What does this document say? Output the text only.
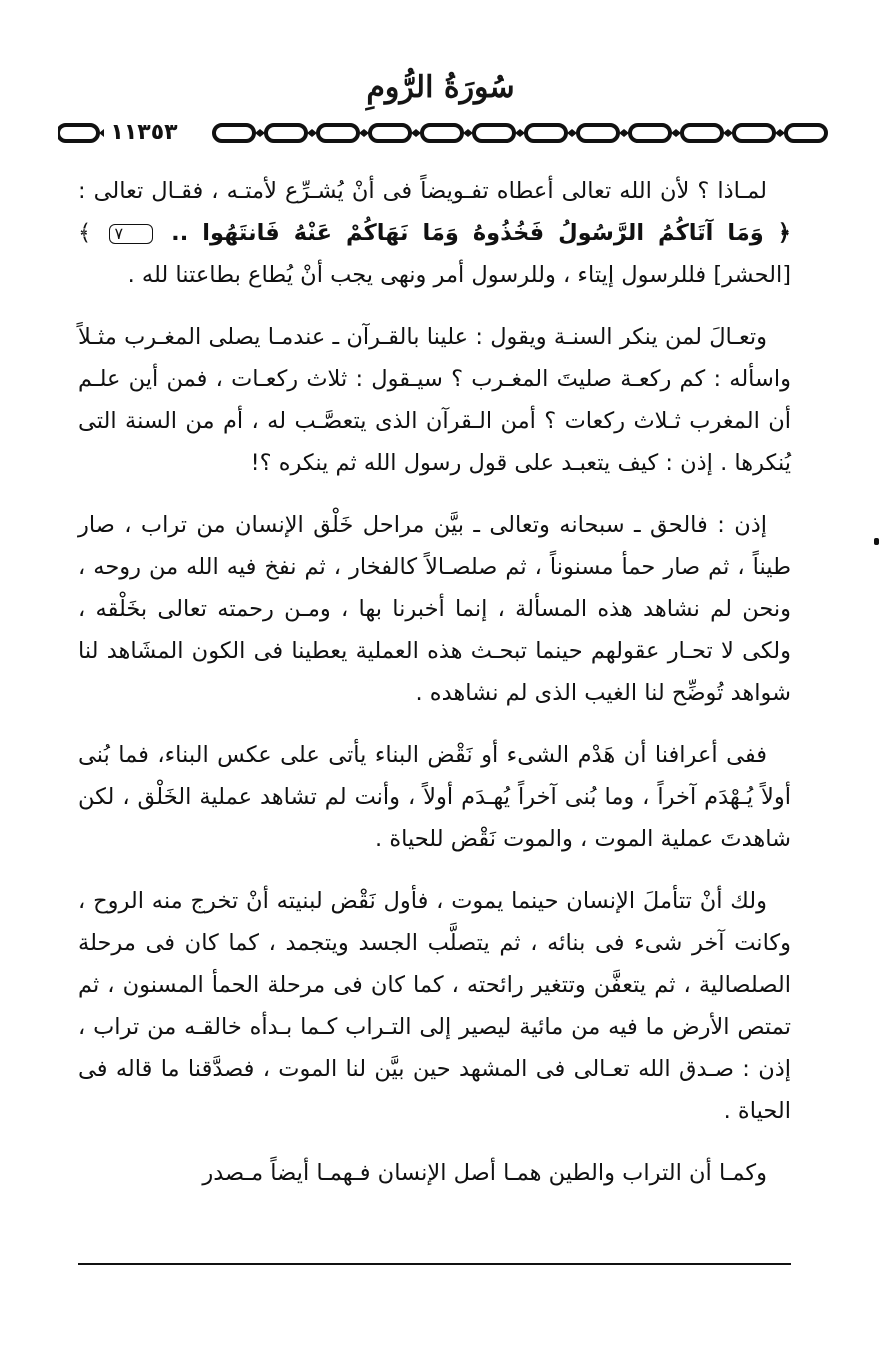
سُورَةُ الرُّومِ
١١٣٥٣

لمـاذا ؟ لأن الله تعالى أعطاه تفـويضاً فى أنْ يُشـرِّع لأمتـه ، فقـال تعالى : ﴿ وَمَا آتَاكُمُ الرَّسُولُ فَخُذُوهُ وَمَا نَهَاكُمْ عَنْهُ فَانتَهُوا .. ٧ ﴾ [الحشر] فللرسول إيتاء ، وللرسول أمر ونهى يجب أنْ يُطاع بطاعتنا لله .

وتعـالَ لمن ينكر السنـة ويقول : علينا بالقـرآن ـ عندمـا يصلى المغـرب مثـلاً واسأله : كم ركعـة صليتَ المغـرب ؟ سيـقول : ثلاث ركعـات ، فمن أين علـم أن المغرب ثـلاث ركعات ؟ أمن الـقرآن الذى يتعصَّـب له ، أم من السنة التى يُنكرها . إذن : كيف يتعبـد على قول رسول الله ثم ينكره ؟!

إذن : فالحق ـ سبحانه وتعالى ـ بيَّن مراحل خَلْق الإنسان من تراب ، صار طيناً ، ثم صار حمأ مسنوناً ، ثم صلصـالاً كالفخار ، ثم نفخ فيه الله من روحه ، ونحن لم نشاهد هذه المسألة ، إنما أخبرنا بها ، ومـن رحمته تعالى بخَلْقه ، ولكى لا تحـار عقولهم حينما تبحـث هذه العملية يعطينا فى الكون المشَاهد لنا شواهد تُوضِّح لنا الغيب الذى لم نشاهده .

ففى أعرافنا أن هَدْم الشىء أو نَقْض البناء يأتى على عكس البناء، فما بُنى أولاً يُـهْدَم آخراً ، وما بُنى آخراً يُهـدَم أولاً ، وأنت لم تشاهد عملية الخَلْق ، لكن شاهدتَ عملية الموت ، والموت نَقْض للحياة .

ولك أنْ تتأملَ الإنسان حينما يموت ، فأول نَقْض لبنيته أنْ تخرج منه الروح ، وكانت آخر شىء فى بنائه ، ثم يتصلَّب الجسد ويتجمد ، كما كان فى مرحلة الصلصالية ، ثم يتعفَّن وتتغير رائحته ، كما كان فى مرحلة الحمأ المسنون ، ثم تمتص الأرض ما فيه من مائية ليصير إلى التـراب كـما بـدأه خالقـه من تراب ، إذن : صـدق الله تعـالى فى المشهد حين بيَّن لنا الموت ، فصدَّقنا ما قاله فى الحياة .

وكمـا أن التراب والطين همـا أصل الإنسان فـهمـا أيضاً مـصدر
